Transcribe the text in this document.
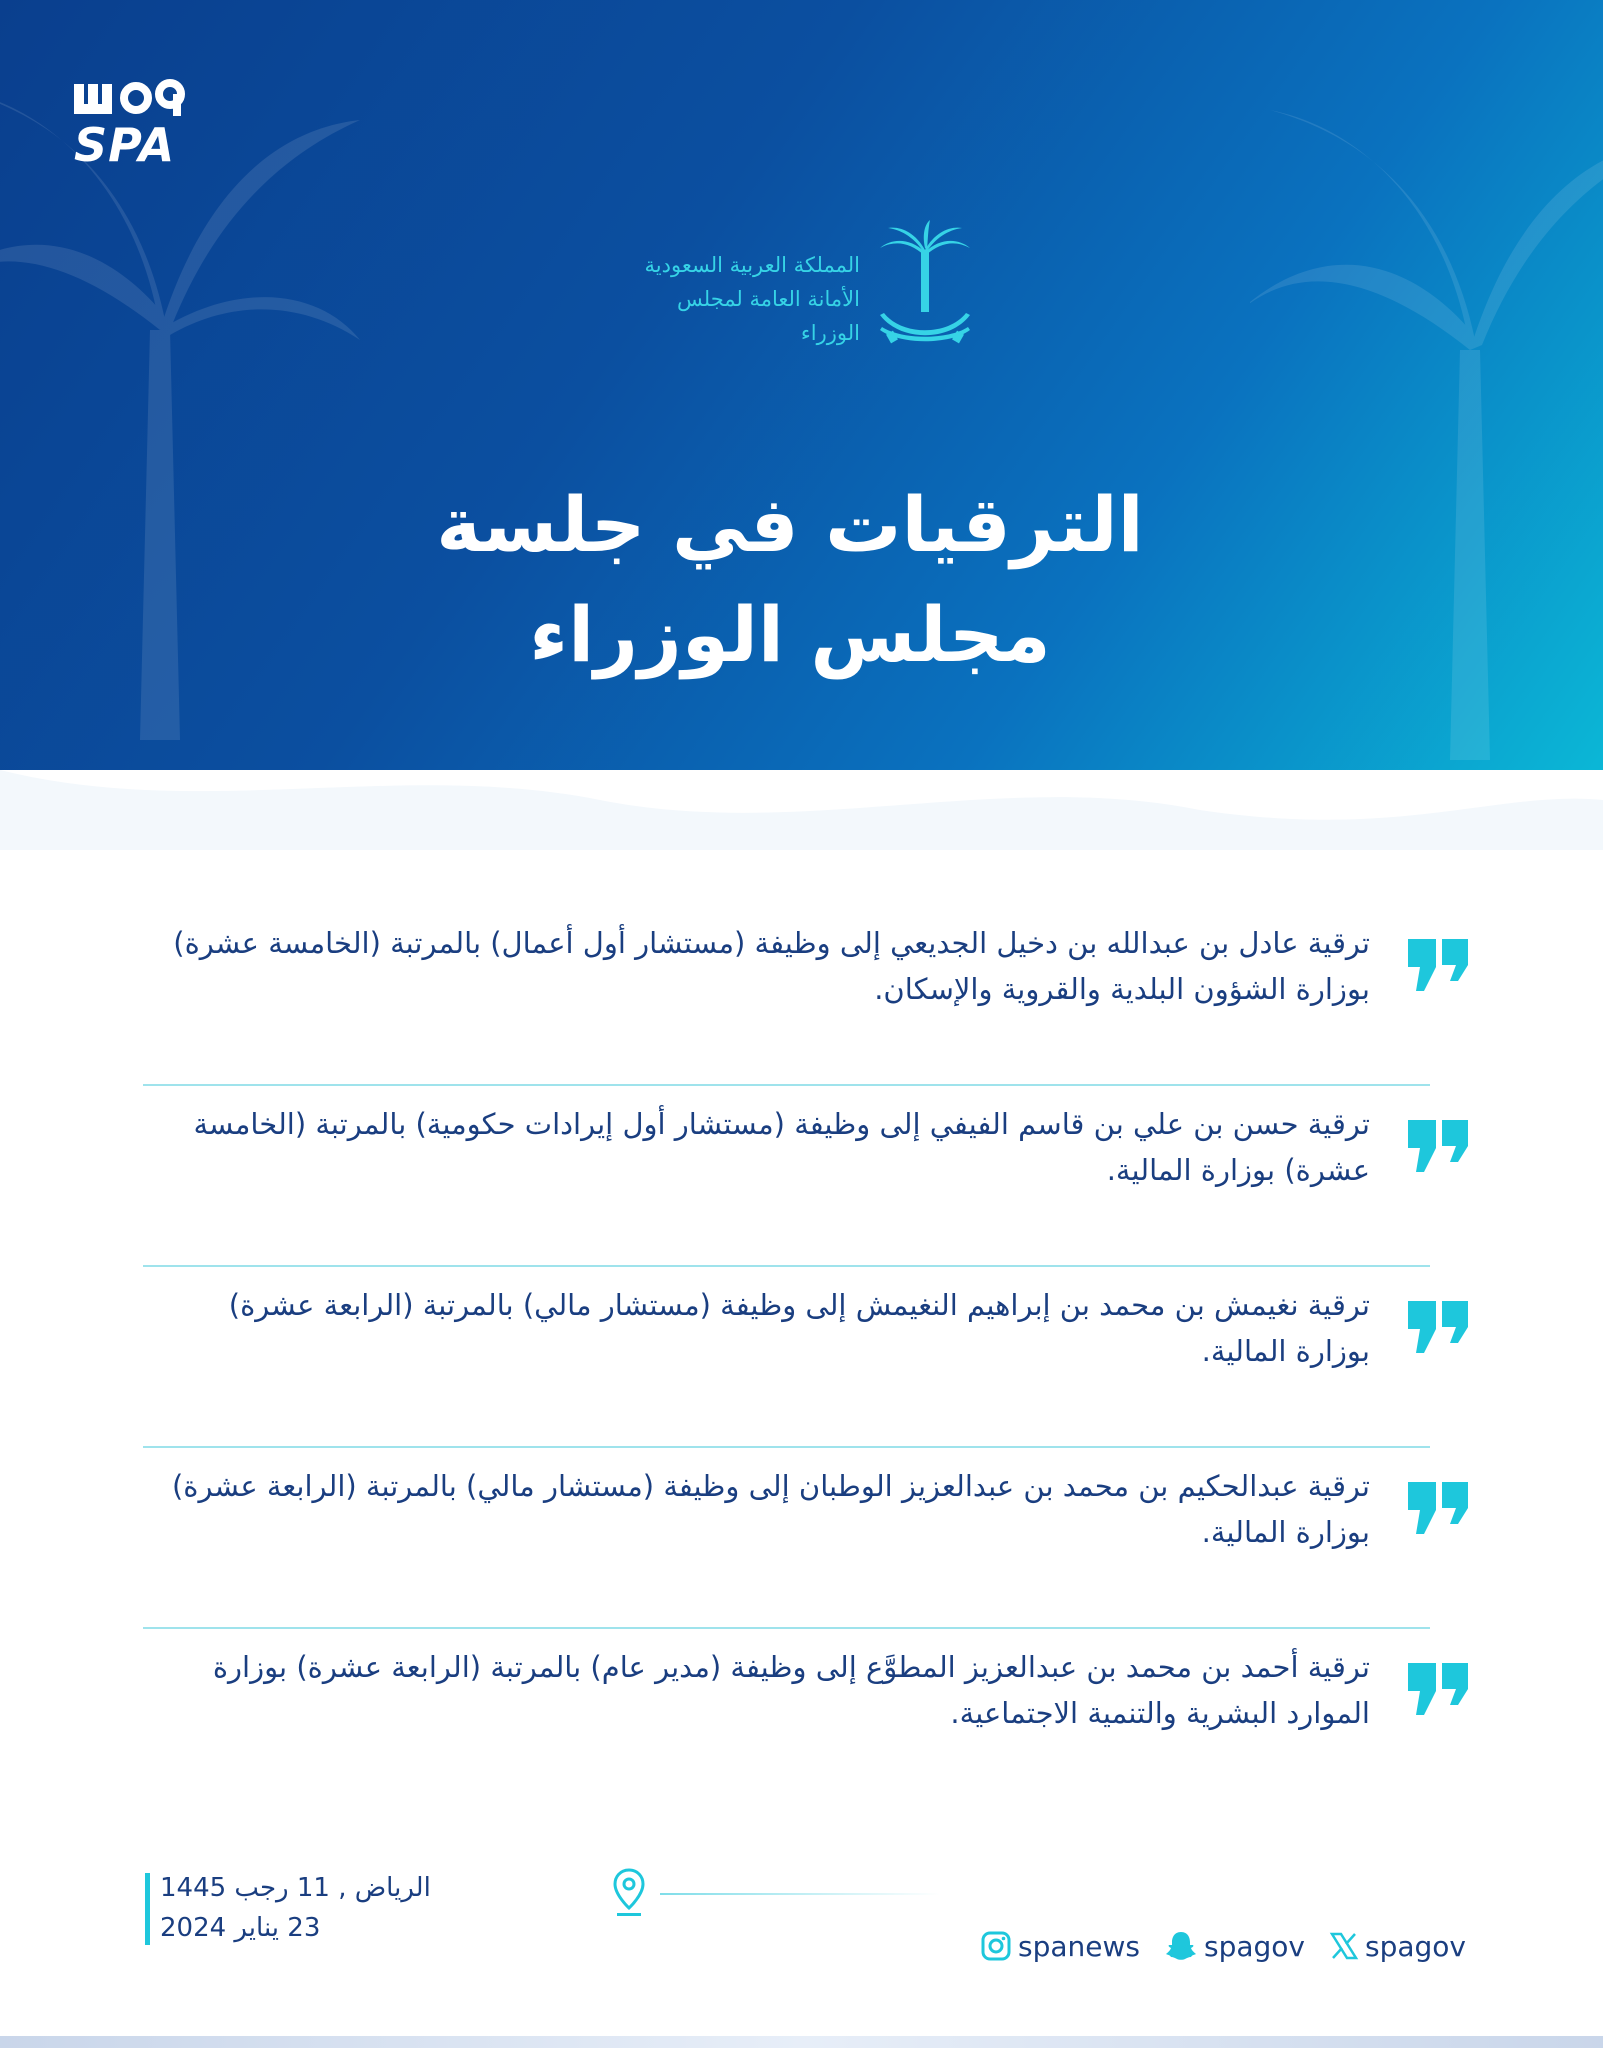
SPA
المملكة العربية السعودية
الأمانة العامة لمجلس الوزراء
الترقيات في جلسة
مجلس الوزراء
ترقية عادل بن عبدالله بن دخيل الجديعي إلى وظيفة (مستشار أول أعمال) بالمرتبة (الخامسة عشرة) بوزارة الشؤون البلدية والقروية والإسكان.
ترقية حسن بن علي بن قاسم الفيفي إلى وظيفة (مستشار أول إيرادات حكومية) بالمرتبة (الخامسة عشرة) بوزارة المالية.
ترقية نغيمش بن محمد بن إبراهيم النغيمش إلى وظيفة (مستشار مالي) بالمرتبة (الرابعة عشرة) بوزارة المالية.
ترقية عبدالحكيم بن محمد بن عبدالعزيز الوطبان إلى وظيفة (مستشار مالي) بالمرتبة (الرابعة عشرة) بوزارة المالية.
ترقية أحمد بن محمد بن عبدالعزيز المطوَّع إلى وظيفة (مدير عام) بالمرتبة (الرابعة عشرة) بوزارة الموارد البشرية والتنمية الاجتماعية.
الرياض , 11 رجب 1445
23 يناير 2024
spanews spagov spagov
